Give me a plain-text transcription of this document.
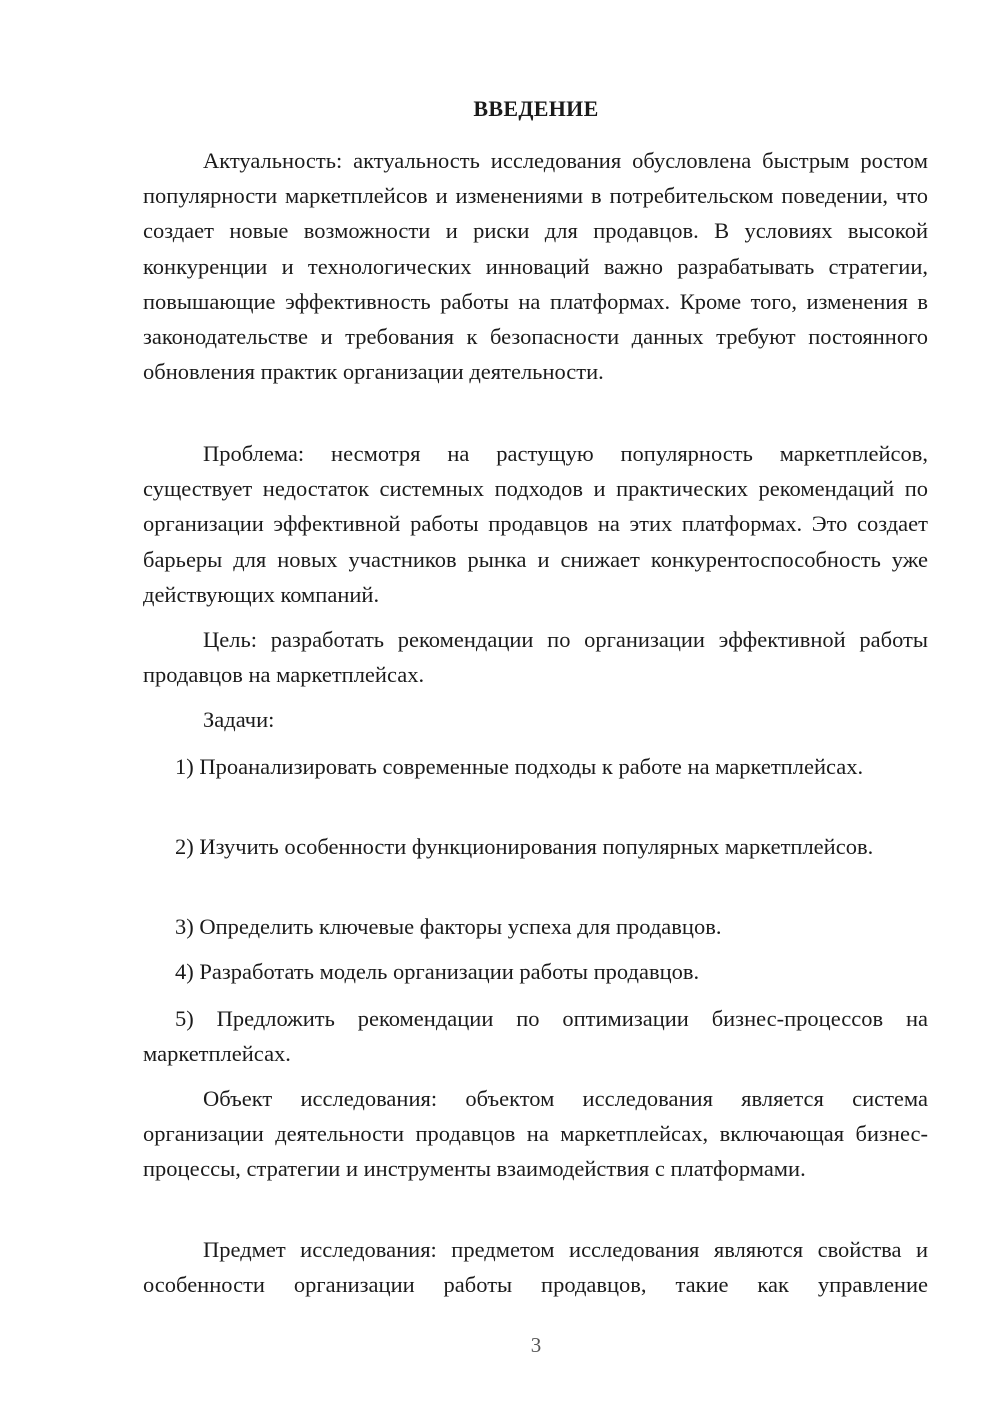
ВВЕДЕНИЕ
Актуальность: актуальность исследования обусловлена быстрым ростом популярности маркетплейсов и изменениями в потребительском поведении, что создает новые возможности и риски для продавцов. В условиях высокой конкуренции и технологических инноваций важно разрабатывать стратегии, повышающие эффективность работы на платформах. Кроме того, изменения в законодательстве и требования к безопасности данных требуют постоянного обновления практик организации деятельности.
Проблема: несмотря на растущую популярность маркетплейсов, существует недостаток системных подходов и практических рекомендаций по организации эффективной работы продавцов на этих платформах. Это создает барьеры для новых участников рынка и снижает конкурентоспособность уже действующих компаний.
Цель: разработать рекомендации по организации эффективной работы продавцов на маркетплейсах.
Задачи:
1) Проанализировать современные подходы к работе на маркетплейсах.
2) Изучить особенности функционирования популярных маркетплейсов.
3) Определить ключевые факторы успеха для продавцов.
4) Разработать модель организации работы продавцов.
5) Предложить рекомендации по оптимизации бизнес-процессов на маркетплейсах.
Объект исследования: объектом исследования является система организации деятельности продавцов на маркетплейсах, включающая бизнес-процессы, стратегии и инструменты взаимодействия с платформами.
Предмет исследования: предметом исследования являются свойства и особенности организации работы продавцов, такие как управление
3
